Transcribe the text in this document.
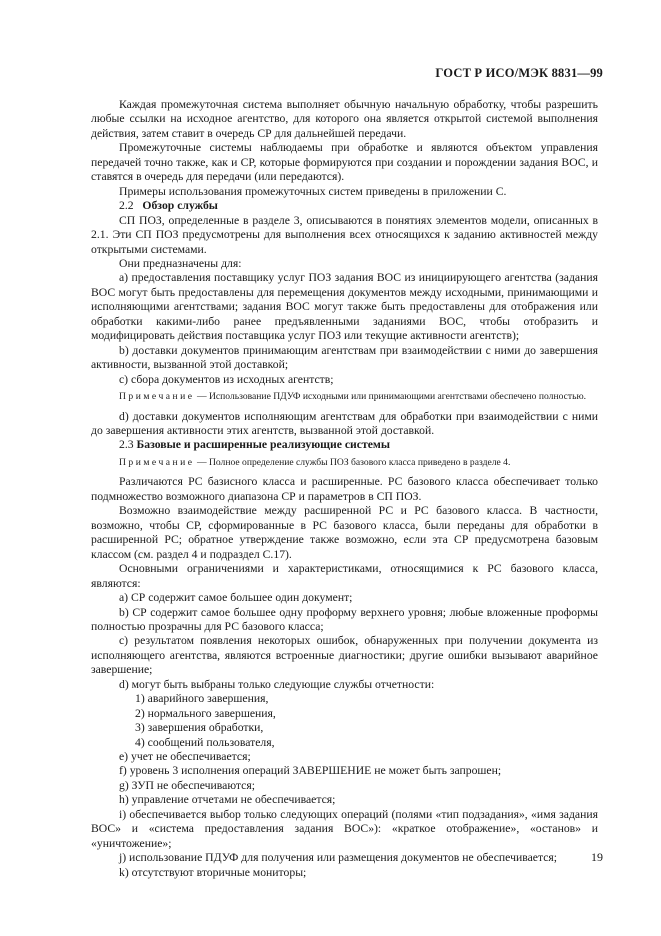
ГОСТ Р ИСО/МЭК 8831—99

Каждая промежуточная система выполняет обычную начальную обработку, чтобы разрешить любые ссылки на исходное агентство, для которого она является открытой системой выполнения действия, затем ставит в очередь СР для дальнейшей передачи.

Промежуточные системы наблюдаемы при обработке и являются объектом управления передачей точно также, как и СР, которые формируются при создании и порождении задания ВОС, и ставятся в очередь для передачи (или передаются).

Примеры использования промежуточных систем приведены в приложении С.

2.2 Обзор службы

СП ПОЗ, определенные в разделе 3, описываются в понятиях элементов модели, описанных в 2.1. Эти СП ПОЗ предусмотрены для выполнения всех относящихся к заданию активностей между открытыми системами.

Они предназначены для:

а) предоставления поставщику услуг ПОЗ задания ВОС из инициирующего агентства (задания ВОС могут быть предоставлены для перемещения документов между исходными, принимающими и исполняющими агентствами; задания ВОС могут также быть предоставлены для отображения или обработки какими-либо ранее предъявленными заданиями ВОС, чтобы отобразить и модифицировать действия поставщика услуг ПОЗ или текущие активности агентств);

b) доставки документов принимающим агентствам при взаимодействии с ними до завершения активности, вызванной этой доставкой;

с) сбора документов из исходных агентств;

Примечание — Использование ПДУФ исходными или принимающими агентствами обеспечено полностью.

d) доставки документов исполняющим агентствам для обработки при взаимодействии с ними до завершения активности этих агентств, вызванной этой доставкой.

2.3 Базовые и расширенные реализующие системы

Примечание — Полное определение службы ПОЗ базового класса приведено в разделе 4.

Различаются РС базисного класса и расширенные. РС базового класса обеспечивает только подмножество возможного диапазона СР и параметров в СП ПОЗ.

Возможно взаимодействие между расширенной РС и РС базового класса. В частности, возможно, чтобы СР, сформированные в РС базового класса, были переданы для обработки в расширенной РС; обратное утверждение также возможно, если эта СР предусмотрена базовым классом (см. раздел 4 и подраздел С.17).

Основными ограничениями и характеристиками, относящимися к РС базового класса, являются:

а) СР содержит самое большее один документ;

b) СР содержит самое большее одну проформу верхнего уровня; любые вложенные проформы полностью прозрачны для РС базового класса;

с) результатом появления некоторых ошибок, обнаруженных при получении документа из исполняющего агентства, являются встроенные диагностики; другие ошибки вызывают аварийное завершение;

d) могут быть выбраны только следующие службы отчетности:

1) аварийного завершения,
2) нормального завершения,
3) завершения обработки,
4) сообщений пользователя,

е) учет не обеспечивается;

f) уровень 3 исполнения операций ЗАВЕРШЕНИЕ не может быть запрошен;

g) ЗУП не обеспечиваются;

h) управление отчетами не обеспечивается;

i) обеспечивается выбор только следующих операций (полями «тип подзадания», «имя задания ВОС» и «система предоставления задания ВОС»): «краткое отображение», «останов» и «уничтожение»;

j) использование ПДУФ для получения или размещения документов не обеспечивается;

k) отсутствуют вторичные мониторы;

19
